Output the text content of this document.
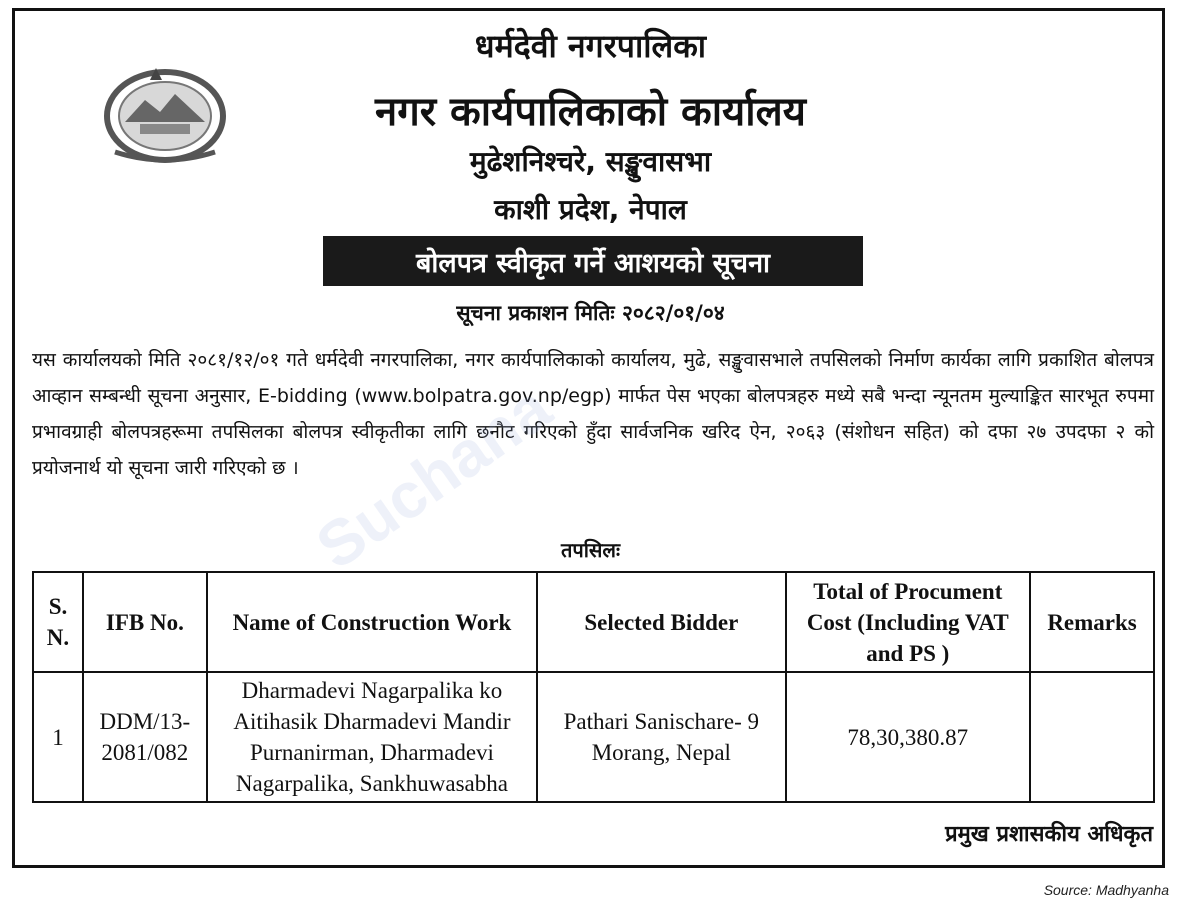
धर्मदेवी नगरपालिका
नगर कार्यपालिकाको कार्यालय
मुढेशनिश्चरे, सङ्खुवासभा
काशी प्रदेश, नेपाल
बोलपत्र स्वीकृत गर्ने आशयको सूचना
सूचना प्रकाशन मितिः २०८२/०१/०४
यस कार्यालयको मिति २०८१/१२/०१ गते धर्मदेवी नगरपालिका, नगर कार्यपालिकाको कार्यालय, मुढे, सङ्खुवासभाले तपसिलको निर्माण कार्यका लागि प्रकाशित बोलपत्र आव्हान सम्बन्धी सूचना अनुसार, E-bidding (www.bolpatra.gov.np/egp) मार्फत पेस भएका बोलपत्रहरु मध्ये सबै भन्दा न्यूनतम मुल्याङ्कित सारभूत रुपमा प्रभावग्राही बोलपत्रहरूमा तपसिलका बोलपत्र स्वीकृतीका लागि छनौट गरिएको हुँदा सार्वजनिक खरिद ऐन, २०६३ (संशोधन सहित) को दफा २७ उपदफा २ को प्रयोजनार्थ यो सूचना जारी गरिएको छ । Suchana
तपसिलः
S. N.	IFB No.	Name of Construction Work	Selected Bidder	Total of Procument Cost (Including VAT and PS )	Remarks
1	DDM/13-2081/082	Dharmadevi Nagarpalika ko Aitihasik Dharmadevi Mandir Purnanirman, Dharmadevi Nagarpalika, Sankhuwasabha	Pathari Sanischare- 9 Morang, Nepal	78,30,380.87	
प्रमुख प्रशासकीय अधिकृत
Source: Madhyanha
